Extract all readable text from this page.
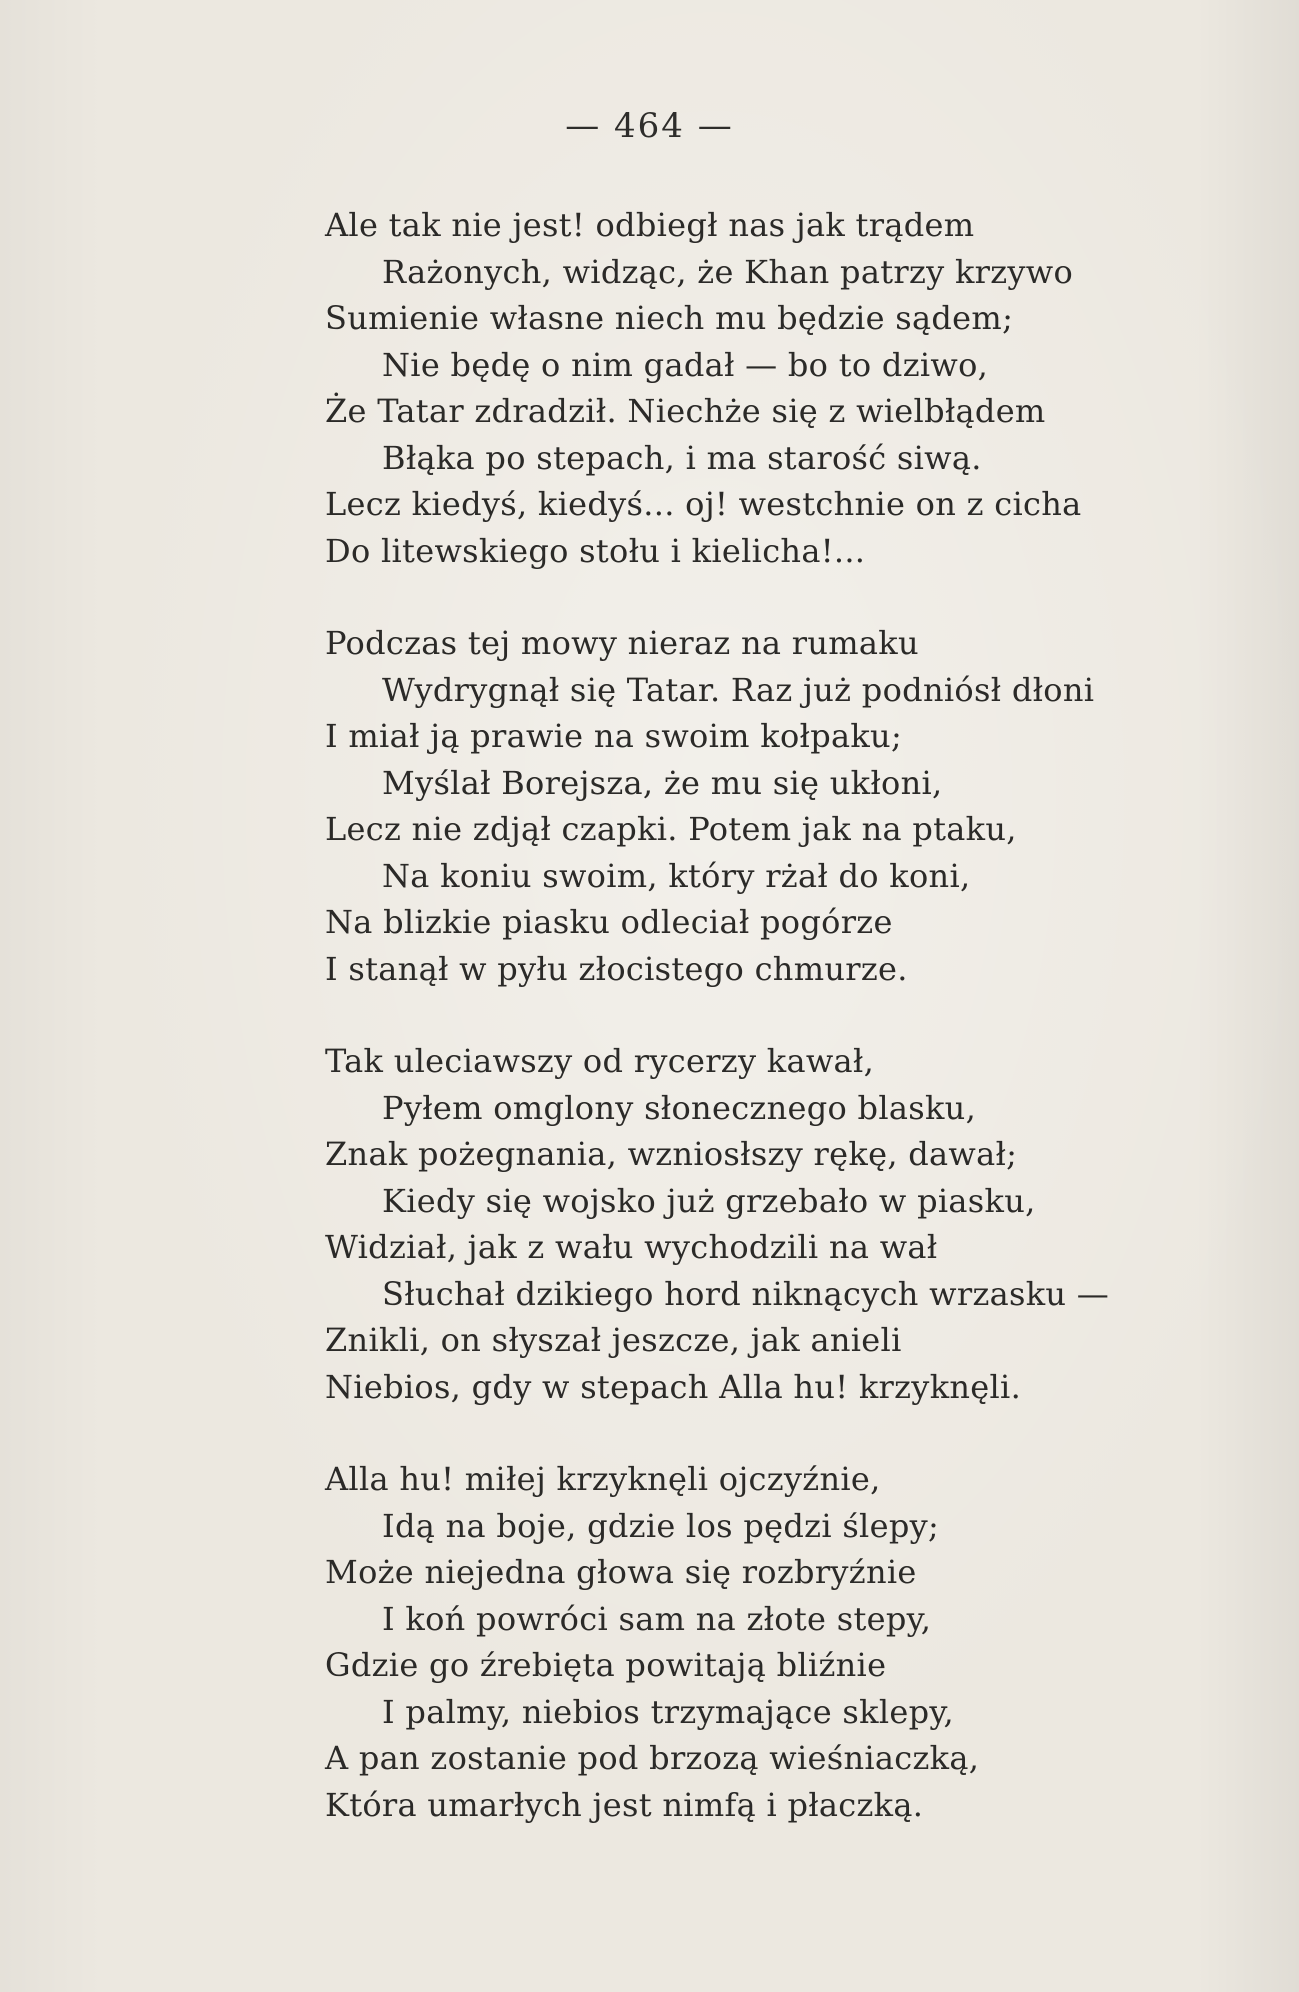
— 464 —
Ale tak nie jest! odbiegł nas jak trądem
Rażonych, widząc, że Khan patrzy krzywo
Sumienie własne niech mu będzie sądem;
Nie będę o nim gadał — bo to dziwo,
Że Tatar zdradził. Niechże się z wielbłądem
Błąka po stepach, i ma starość siwą.
Lecz kiedyś, kiedyś... oj! westchnie on z cicha
Do litewskiego stołu i kielicha!...
Podczas tej mowy nieraz na rumaku
Wydrygnął się Tatar. Raz już podniósł dłoni
I miał ją prawie na swoim kołpaku;
Myślał Borejsza, że mu się ukłoni,
Lecz nie zdjął czapki. Potem jak na ptaku,
Na koniu swoim, który rżał do koni,
Na blizkie piasku odleciał pogórze
I stanął w pyłu złocistego chmurze.
Tak uleciawszy od rycerzy kawał,
Pyłem omglony słonecznego blasku,
Znak pożegnania, wzniosłszy rękę, dawał;
Kiedy się wojsko już grzebało w piasku,
Widział, jak z wału wychodzili na wał
Słuchał dzikiego hord niknących wrzasku —
Znikli, on słyszał jeszcze, jak anieli
Niebios, gdy w stepach Alla hu! krzyknęli.
Alla hu! miłej krzyknęli ojczyźnie,
Idą na boje, gdzie los pędzi ślepy;
Może niejedna głowa się rozbryźnie
I koń powróci sam na złote stepy,
Gdzie go źrebięta powitają bliźnie
I palmy, niebios trzymające sklepy,
A pan zostanie pod brzozą wieśniaczką,
Która umarłych jest nimfą i płaczką.
